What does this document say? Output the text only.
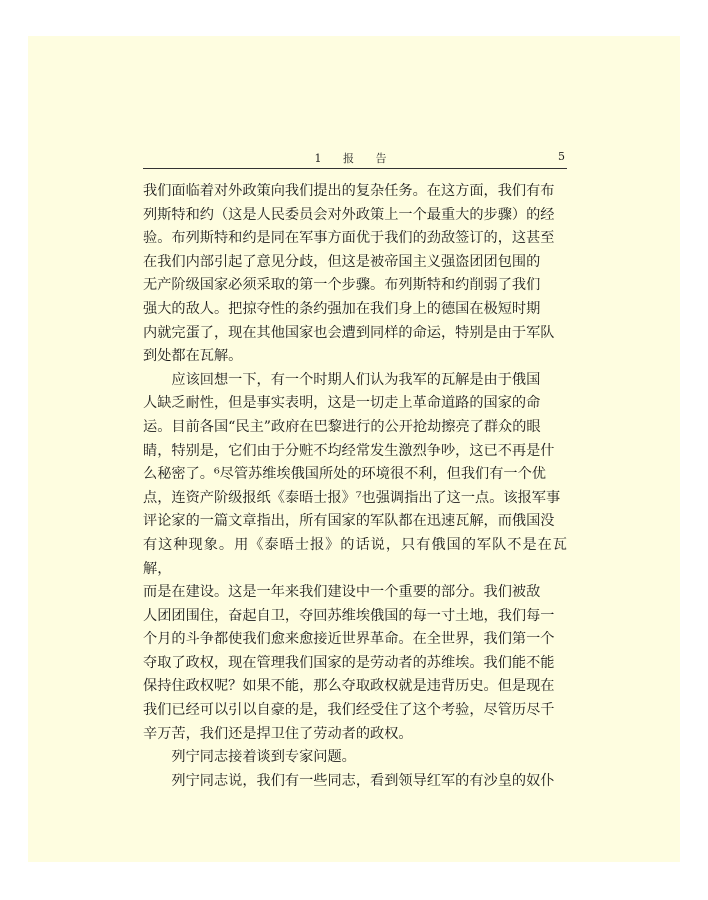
1 报 告	5

我们面临着对外政策向我们提出的复杂任务。在这方面，我们有布
列斯特和约（这是人民委员会对外政策上一个最重大的步骤）的经
验。布列斯特和约是同在军事方面优于我们的劲敌签订的，这甚至
在我们内部引起了意见分歧，但这是被帝国主义强盗团团包围的
无产阶级国家必须采取的第一个步骤。布列斯特和约削弱了我们
强大的敌人。把掠夺性的条约强加在我们身上的德国在极短时期
内就完蛋了，现在其他国家也会遭到同样的命运，特别是由于军队
到处都在瓦解。

应该回想一下，有一个时期人们认为我军的瓦解是由于俄国
人缺乏耐性，但是事实表明，这是一切走上革命道路的国家的命
运。目前各国“民主”政府在巴黎进行的公开抢劫擦亮了群众的眼
睛，特别是，它们由于分赃不均经常发生激烈争吵，这已不再是什
么秘密了。⁶尽管苏维埃俄国所处的环境很不利，但我们有一个优
点，连资产阶级报纸《泰晤士报》⁷也强调指出了这一点。该报军事
评论家的一篇文章指出，所有国家的军队都在迅速瓦解，而俄国没
有这种现象。用《泰晤士报》的话说，只有俄国的军队不是在瓦解，
而是在建设。这是一年来我们建设中一个重要的部分。我们被敌
人团团围住，奋起自卫，夺回苏维埃俄国的每一寸土地，我们每一
个月的斗争都使我们愈来愈接近世界革命。在全世界，我们第一个
夺取了政权，现在管理我们国家的是劳动者的苏维埃。我们能不能
保持住政权呢？如果不能，那么夺取政权就是违背历史。但是现在
我们已经可以引以自豪的是，我们经受住了这个考验，尽管历尽千
辛万苦，我们还是捍卫住了劳动者的政权。

列宁同志接着谈到专家问题。

列宁同志说，我们有一些同志，看到领导红军的有沙皇的奴仆
